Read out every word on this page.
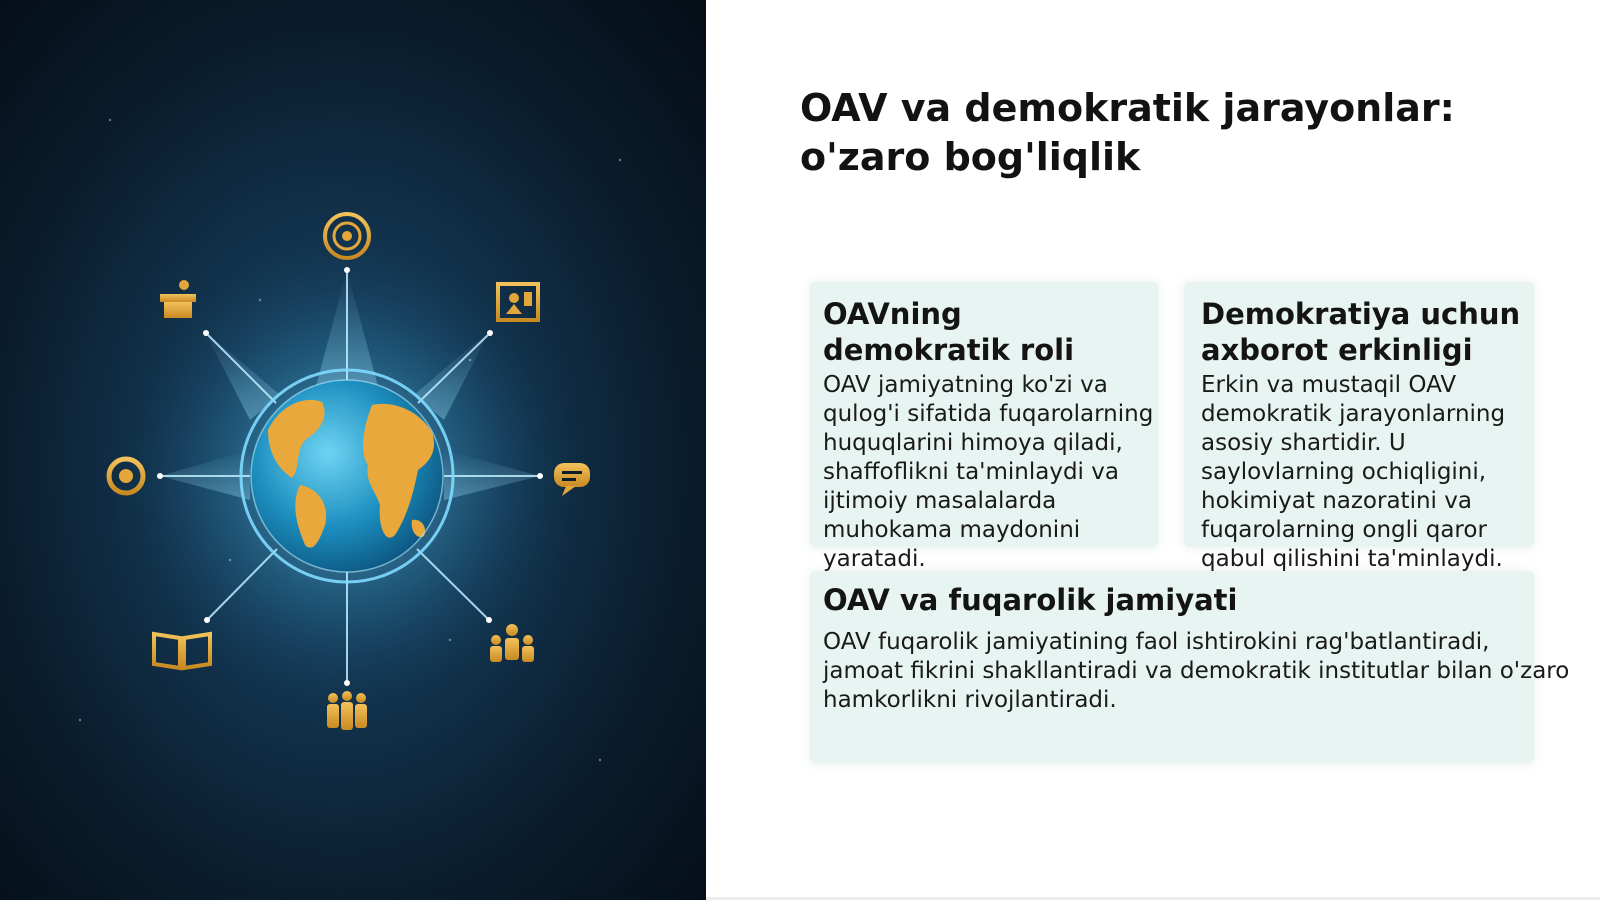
OAV va demokratik jarayonlar: o'zaro bog'liqlik
OAVning demokratik roli
OAV jamiyatning ko'zi va qulog'i sifatida fuqarolarning huquqlarini himoya qiladi, shaffoflikni ta'minlaydi va ijtimoiy masalalarda muhokama maydonini yaratadi.
Demokratiya uchun axborot erkinligi
Erkin va mustaqil OAV demokratik jarayonlarning asosiy shartidir. U saylovlarning ochiqligini, hokimiyat nazoratini va fuqarolarning ongli qaror qabul qilishini ta'minlaydi.
OAV va fuqarolik jamiyati
OAV fuqarolik jamiyatining faol ishtirokini rag'batlantiradi, jamoat fikrini shakllantiradi va demokratik institutlar bilan o'zaro hamkorlikni rivojlantiradi.
